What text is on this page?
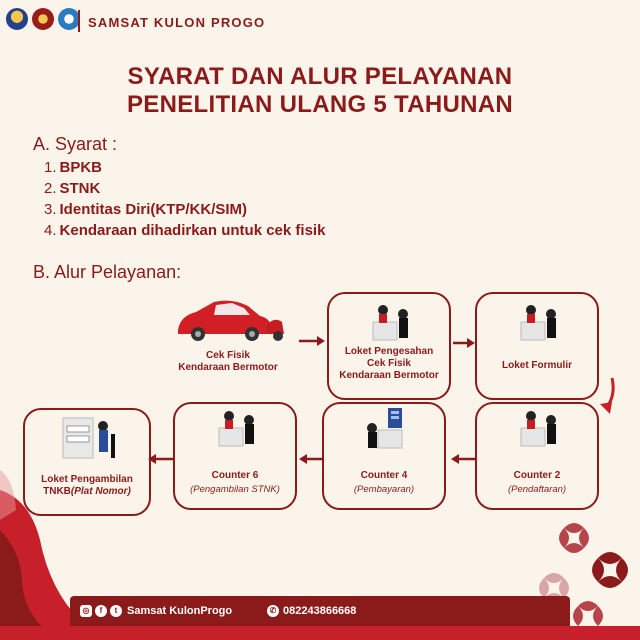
SAMSAT KULON PROGO
SYARAT DAN ALUR PELAYANAN
PENELITIAN ULANG 5 TAHUNAN
A. Syarat :
1. BPKB
2. STNK
3. Identitas Diri(KTP/KK/SIM)
4. Kendaraan dihadirkan untuk cek fisik
B. Alur Pelayanan:
Cek Fisik
Kendaraan Bermotor
Loket Pengesahan
Cek Fisik
Kendaraan Bermotor
Loket Formulir
Counter 2
(Pendaftaran)
Counter 4
(Pembayaran)
Counter 6
(Pengambilan STNK)
Loket Pengambilan
TNKB(Plat Nomor)
◎	f	t Samsat KulonProgo	✆ 082243866668
